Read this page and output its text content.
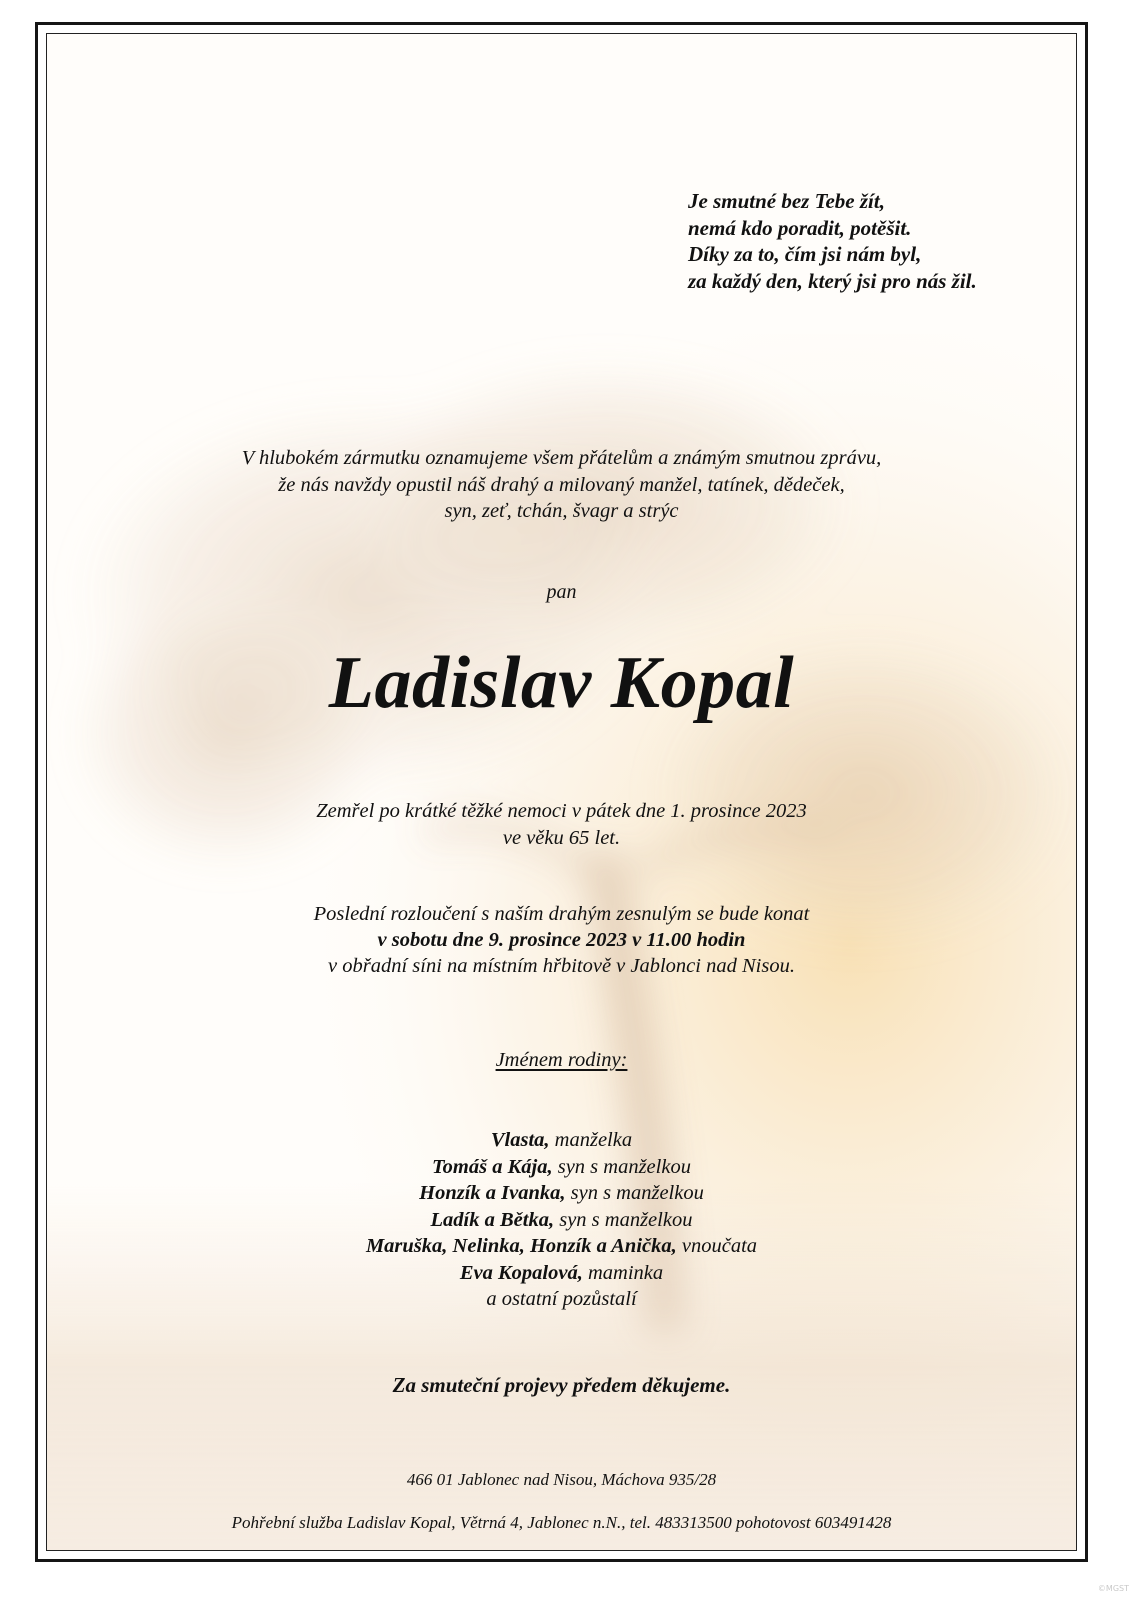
Je smutné bez Tebe žít,
nemá kdo poradit, potěšit.
Díky za to, čím jsi nám byl,
za každý den, který jsi pro nás žil.
V hlubokém zármutku oznamujeme všem přátelům a známým smutnou zprávu,
že nás navždy opustil náš drahý a milovaný manžel, tatínek, dědeček,
syn, zeť, tchán, švagr a strýc
pan
Ladislav Kopal
Zemřel po krátké těžké nemoci v pátek dne 1. prosince 2023
ve věku 65 let.
Poslední rozloučení s naším drahým zesnulým se bude konat
v sobotu dne 9. prosince 2023 v 11.00 hodin
v obřadní síni na místním hřbitově v Jablonci nad Nisou.
Jménem rodiny:
Vlasta, manželka
Tomáš a Kája, syn s manželkou
Honzík a Ivanka, syn s manželkou
Ladík a Bětka, syn s manželkou
Maruška, Nelinka, Honzík a Anička, vnoučata
Eva Kopalová, maminka
a ostatní pozůstalí
Za smuteční projevy předem děkujeme.
466 01 Jablonec nad Nisou, Máchova 935/28
Pohřební služba Ladislav Kopal, Větrná 4, Jablonec n.N., tel. 483313500 pohotovost 603491428
©MGST
